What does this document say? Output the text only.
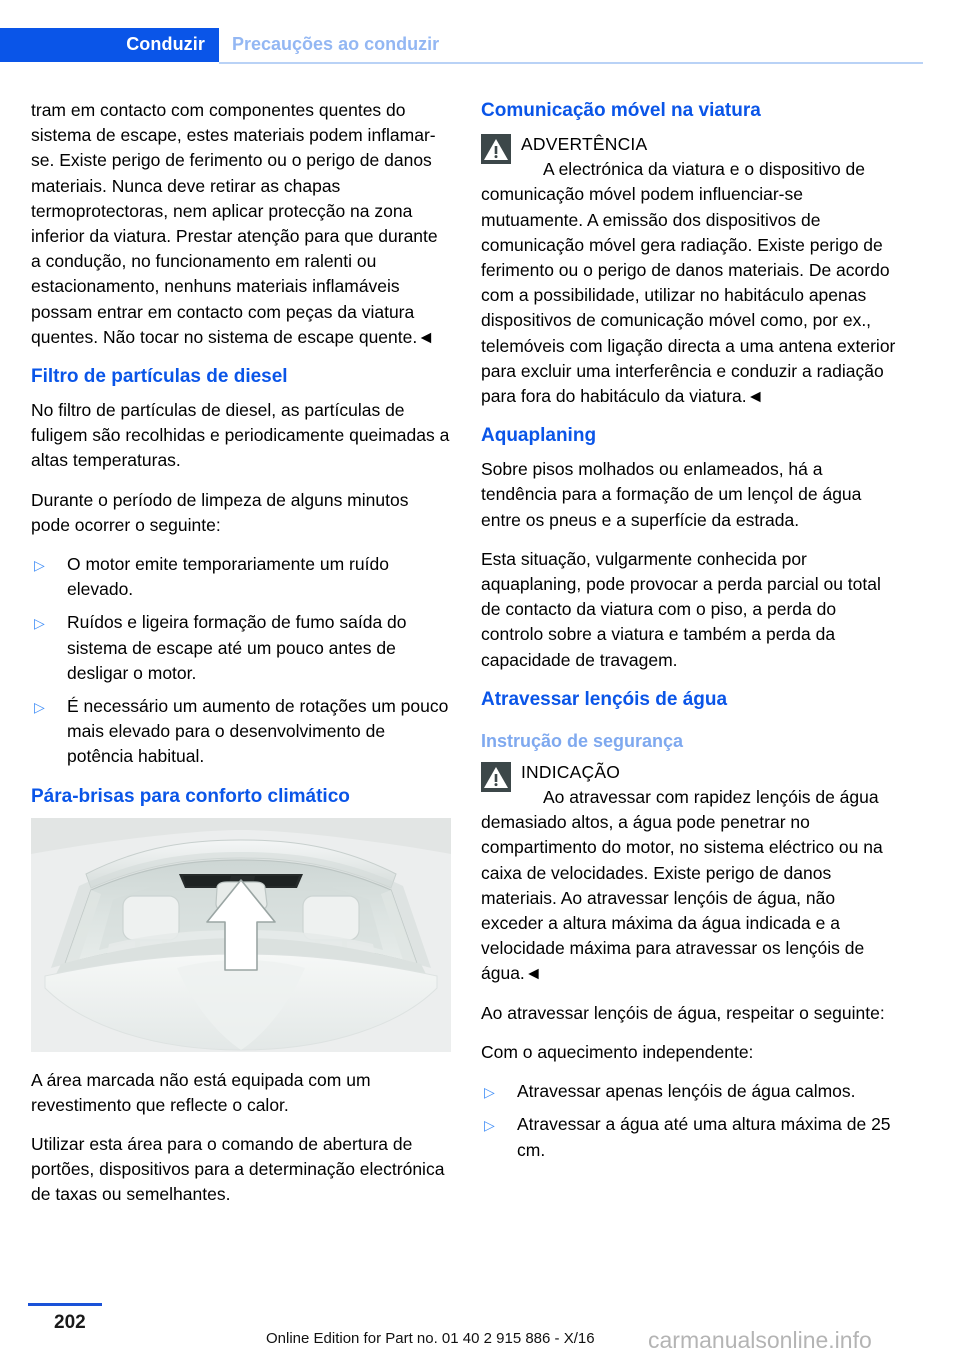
Conduzir Precauções ao conduzir

tram em contacto com componentes quentes do sistema de escape, estes materiais podem inflamar-se. Existe perigo de ferimento ou o perigo de danos materiais. Nunca deve retirar as chapas termoprotectoras, nem aplicar protecção na zona inferior da viatura. Prestar atenção para que durante a condução, no funcionamento em ralenti ou estacionamento, nenhuns materiais inflamáveis possam entrar em contacto com peças da viatura quentes. Não tocar no sistema de escape quente.◄

Filtro de partículas de diesel

No filtro de partículas de diesel, as partículas de fuligem são recolhidas e periodicamente queimadas a altas temperaturas.

Durante o período de limpeza de alguns minutos pode ocorrer o seguinte:

▷ O motor emite temporariamente um ruído elevado.
▷ Ruídos e ligeira formação de fumo saída do sistema de escape até um pouco antes de desligar o motor.
▷ É necessário um aumento de rotações um pouco mais elevado para o desenvolvimento de potência habitual.
Pára-brisas para conforto climático

A área marcada não está equipada com um revestimento que reflecte o calor.

Utilizar esta área para o comando de abertura de portões, dispositivos para a determinação electrónica de taxas ou semelhantes.

Comunicação móvel na viatura
ADVERTÊNCIA
A electrónica da viatura e o dispositivo de comunicação móvel podem influenciar-se mutuamente. A emissão dos dispositivos de comunicação móvel gera radiação. Existe perigo de ferimento ou o perigo de danos materiais. De acordo com a possibilidade, utilizar no habitáculo apenas dispositivos de comunicação móvel como, por ex., telemóveis com ligação directa a uma antena exterior para excluir uma interferência e conduzir a radiação para fora do habitáculo da viatura.◄
Aquaplaning

Sobre pisos molhados ou enlameados, há a tendência para a formação de um lençol de água entre os pneus e a superfície da estrada.

Esta situação, vulgarmente conhecida por aquaplaning, pode provocar a perda parcial ou total de contacto da viatura com o piso, a perda do controlo sobre a viatura e também a perda da capacidade de travagem.

Atravessar lençóis de água
Instrução de segurança
INDICAÇÃO
Ao atravessar com rapidez lençóis de água demasiado altos, a água pode penetrar no compartimento do motor, no sistema eléctrico ou na caixa de velocidades. Existe perigo de danos materiais. Ao atravessar lençóis de água, não exceder a altura máxima da água indicada e a velocidade máxima para atravessar os lençóis de água.◄

Ao atravessar lençóis de água, respeitar o seguinte:

Com o aquecimento independente:

▷ Atravessar apenas lençóis de água calmos.
▷ Atravessar a água até uma altura máxima de 25 cm.
202
Online Edition for Part no. 01 40 2 915 886 - X/16 carmanualsonline.info
